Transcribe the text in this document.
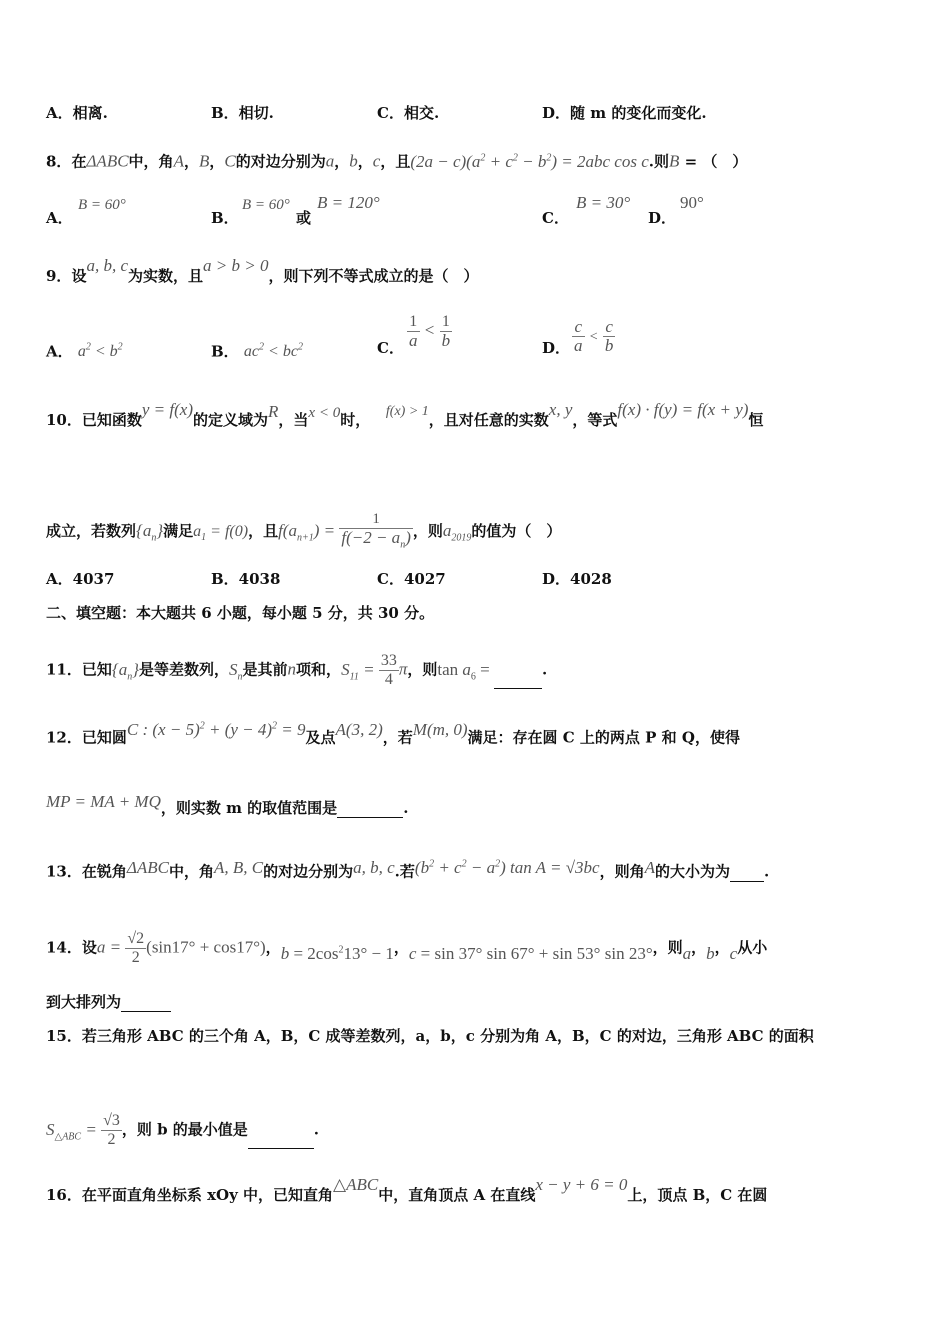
A．相离.	B．相切.	C．相交.	D．随 m 的变化而变化.
8．在ΔABC中，角A，B，C的对边分别为a，b，c，且$(2a - c)(a^2 + c^2 - b^2) = 2abc$ cos c.则B = （　）
A．
B = 60°
B．
B = 60°
或
B = 120°
C．
B = 30°
D．
90°
9．设a, b, c为实数，且a > b > 0，则下列不等式成立的是（　）
A． $a^2 < b^2$	B． $ac^2 < bc^2$	C． $\frac{1}{a} < \frac{1}{b}$	D． $\frac{c}{a} < \frac{c}{b}$
10．已知函数y = f(x)的定义域为R，当x < 0时， f(x) > 1，且对任意的实数x, y，等式f(x) · f(y) = f(x + y)恒
成立，若数列$\{a_n\}$满足$a_1 = f(0)$，且$f(a_{n+1}) = \frac{1}{f(-2 - a_n)}$ ，则$a_{2019}$的值为（　）
A．4037	B．4038	C．4027	D．4028
二、填空题：本大题共 6 小题，每小题 5 分，共 30 分。
11．已知$\{a_n\}$是等差数列，$S_n$是其前n项和，$S_{11} = \frac{33}{4}$ π，则$\tan a_6$ =	.
12．已知圆C : $(x - 5)^2 + (y - 4)^2 = 9$及点A(3, 2)，若M(m, 0)满足：存在圆 C 上的两点 P 和 Q，使得
MP = MA + MQ，则实数 m 的取值范围是	.
13．在锐角ΔABC中，角A, B, C的对边分别为a, b, c.若$(b^2 + c^2 - a^2)$ tan A = √3bc，则角A的大小为为 .
14．设$a = \frac{√2}{2} (\sin 17^\circ + \cos 17^\circ)$，$b = 2\cos^213^\circ - 1$，c = sin 37° sin 67° + sin 53° sin 23°，则a，b，c从小
到大排列为
15．若三角形 ABC 的三个角 A，B，C 成等差数列，a，b，c 分别为角 A，B，C 的对边，三角形 ABC 的面积
$S_{\triangle ABC} = \frac{√3}{2}$ ，则 b 的最小值是	.
16．在平面直角坐标系 xOy 中，已知直角△ABC中，直角顶点 A 在直线x − y + 6 = 0上，顶点 B，C 在圆
